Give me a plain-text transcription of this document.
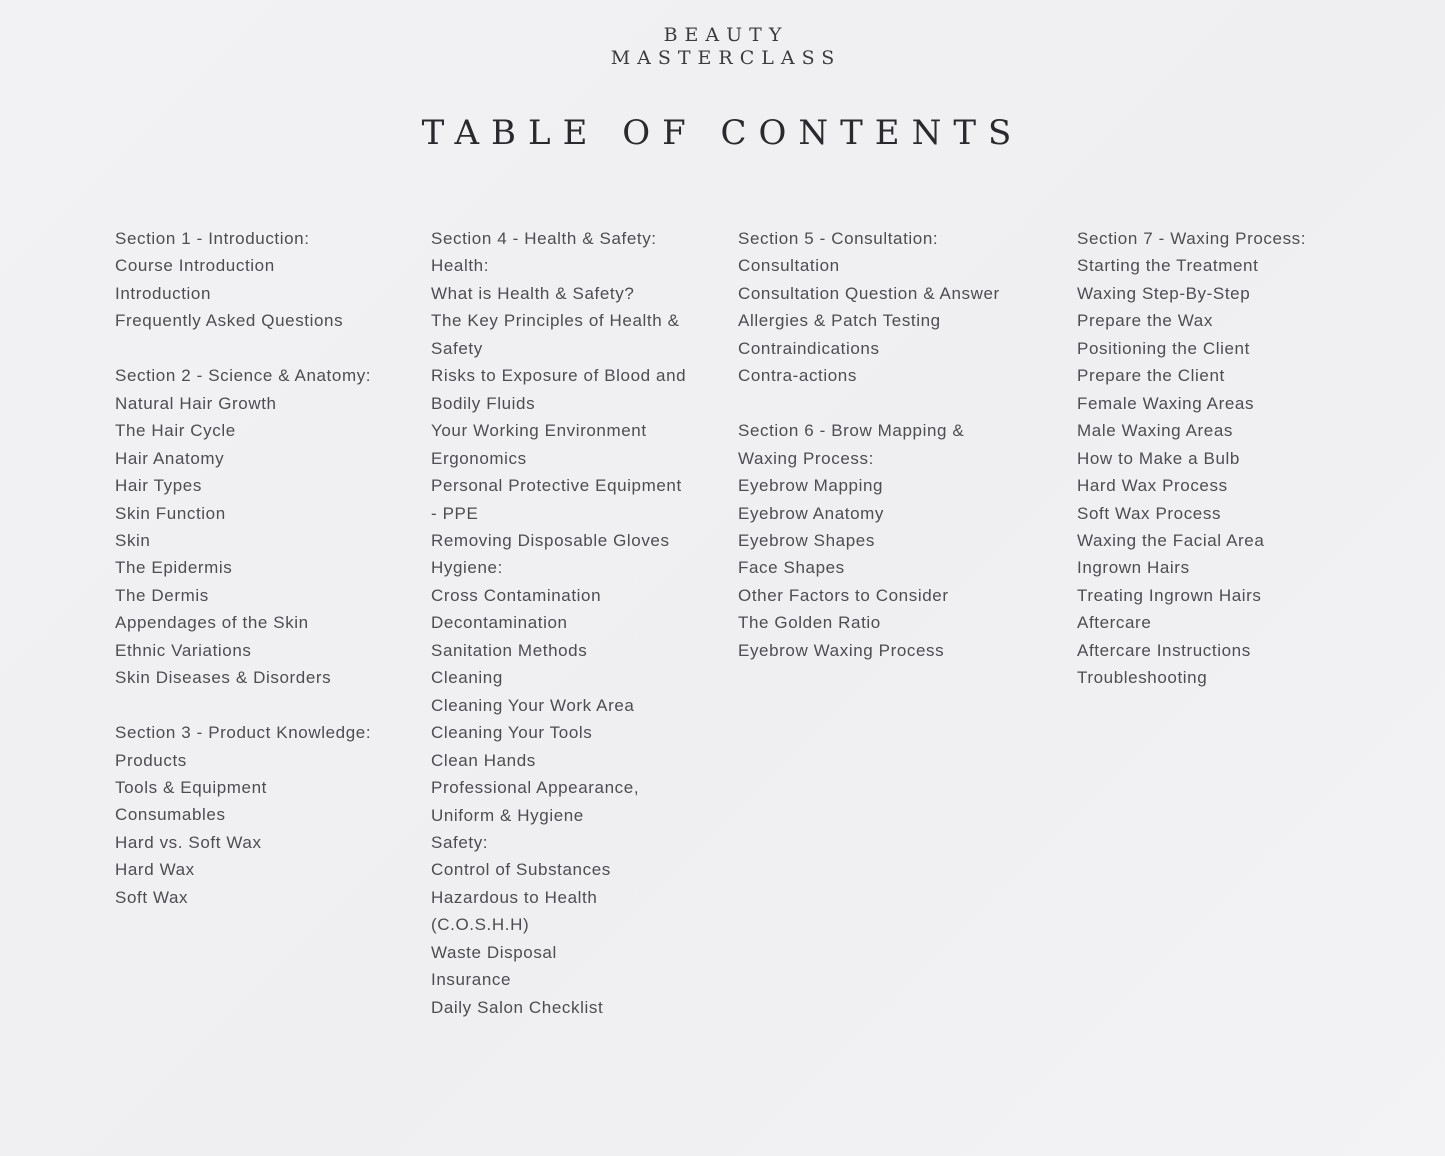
BEAUTY
MASTERCLASS
TABLE OF CONTENTS
Section 1 - Introduction:
Course Introduction
Introduction
Frequently Asked Questions
Section 2 - Science & Anatomy:
Natural Hair Growth
The Hair Cycle
Hair Anatomy
Hair Types
Skin Function
Skin
The Epidermis
The Dermis
Appendages of the Skin
Ethnic Variations
Skin Diseases & Disorders
Section 3 - Product Knowledge:
Products
Tools & Equipment
Consumables
Hard vs. Soft Wax
Hard Wax
Soft Wax
Section 4 - Health & Safety:
Health:
What is Health & Safety?
The Key Principles of Health &
Safety
Risks to Exposure of Blood and
Bodily Fluids
Your Working Environment
Ergonomics
Personal Protective Equipment
- PPE
Removing Disposable Gloves
Hygiene:
Cross Contamination
Decontamination
Sanitation Methods
Cleaning
Cleaning Your Work Area
Cleaning Your Tools
Clean Hands
Professional Appearance,
Uniform & Hygiene
Safety:
Control of Substances
Hazardous to Health
(C.O.S.H.H)
Waste Disposal
Insurance
Daily Salon Checklist
Section 5 - Consultation:
Consultation
Consultation Question & Answer
Allergies & Patch Testing
Contraindications
Contra-actions
Section 6 - Brow Mapping &
Waxing Process:
Eyebrow Mapping
Eyebrow Anatomy
Eyebrow Shapes
Face Shapes
Other Factors to Consider
The Golden Ratio
Eyebrow Waxing Process
Section 7 - Waxing Process:
Starting the Treatment
Waxing Step-By-Step
Prepare the Wax
Positioning the Client
Prepare the Client
Female Waxing Areas
Male Waxing Areas
How to Make a Bulb
Hard Wax Process
Soft Wax Process
Waxing the Facial Area
Ingrown Hairs
Treating Ingrown Hairs
Aftercare
Aftercare Instructions
Troubleshooting
